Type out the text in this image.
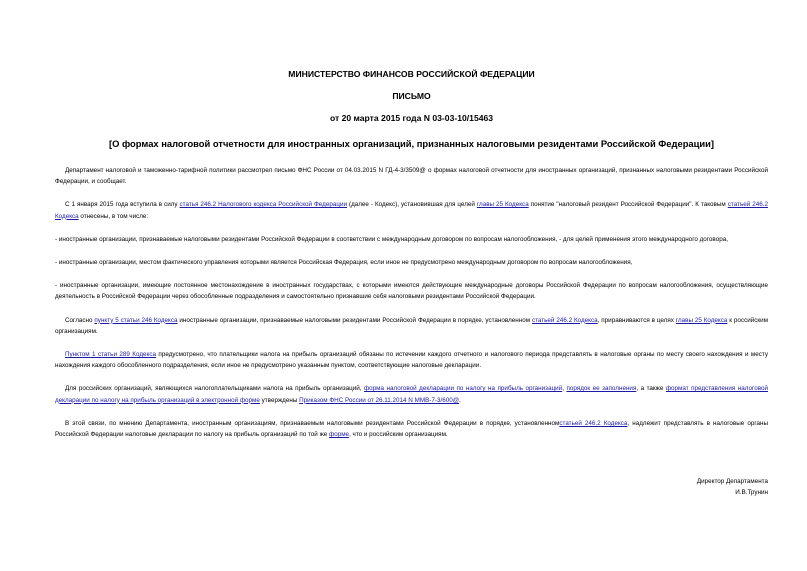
МИНИСТЕРСТВО ФИНАНСОВ РОССИЙСКОЙ ФЕДЕРАЦИИ
ПИСЬМО
от 20 марта 2015 года N 03-03-10/15463
[О формах налоговой отчетности для иностранных организаций, признанных налоговыми резидентами Российской Федерации]

Департамент налоговой и таможенно-тарифной политики рассмотрел письмо ФНС России от 04.03.2015 N ГД-4-3/3509@ о формах налоговой отчетности для иностранных организаций, признанных налоговыми резидентами Российской Федерации, и сообщает.

С 1 января 2015 года вступила в силу статья 246.2 Налогового кодекса Российской Федерации (далее - Кодекс), установившая для целей главы 25 Кодекса понятие "налоговый резидент Российской Федерации". К таковым статьей 246.2 Кодекса отнесены, в том числе:

- иностранные организации, признаваемые налоговыми резидентами Российской Федерации в соответствии с международным договором по вопросам налогообложения, - для целей применения этого международного договора,

- иностранные организации, местом фактического управления которыми является Российская Федерация, если иное не предусмотрено международным договором по вопросам налогообложения,

- иностранные организации, имеющие постоянное местонахождение в иностранных государствах, с которыми имеются действующие международные договоры Российской Федерации по вопросам налогообложения, осуществляющие деятельность в Российской Федерации через обособленные подразделения и самостоятельно признавшие себя налоговыми резидентами Российской Федерации.

Согласно пункту 5 статьи 246 Кодекса иностранные организации, признаваемые налоговыми резидентами Российской Федерации в порядке, установленном статьей 246.2 Кодекса, приравниваются в целях главы 25 Кодекса к российским организациям.

Пунктом 1 статьи 289 Кодекса предусмотрено, что плательщики налога на прибыль организаций обязаны по истечении каждого отчетного и налогового периода представлять в налоговые органы по месту своего нахождения и месту нахождения каждого обособленного подразделения, если иное не предусмотрено указанным пунктом, соответствующие налоговые декларации.

Для российских организаций, являющихся налогоплательщиками налога на прибыль организаций, форма налоговой декларации по налогу на прибыль организаций, порядок ее заполнения, а также формат представления налоговой декларации по налогу на прибыль организаций в электронной форме утверждены Приказом ФНС России от 26.11.2014 N ММВ-7-3/600@.

В этой связи, по мнению Департамента, иностранным организациям, признаваемым налоговыми резидентами Российской Федерации в порядке, установленномстатьей 246.2 Кодекса, надлежит представлять в налоговые органы Российской Федерации налоговые декларации по налогу на прибыль организаций по той же форме, что и российским организациям.

Директор Департамента
И.В.Трунин
